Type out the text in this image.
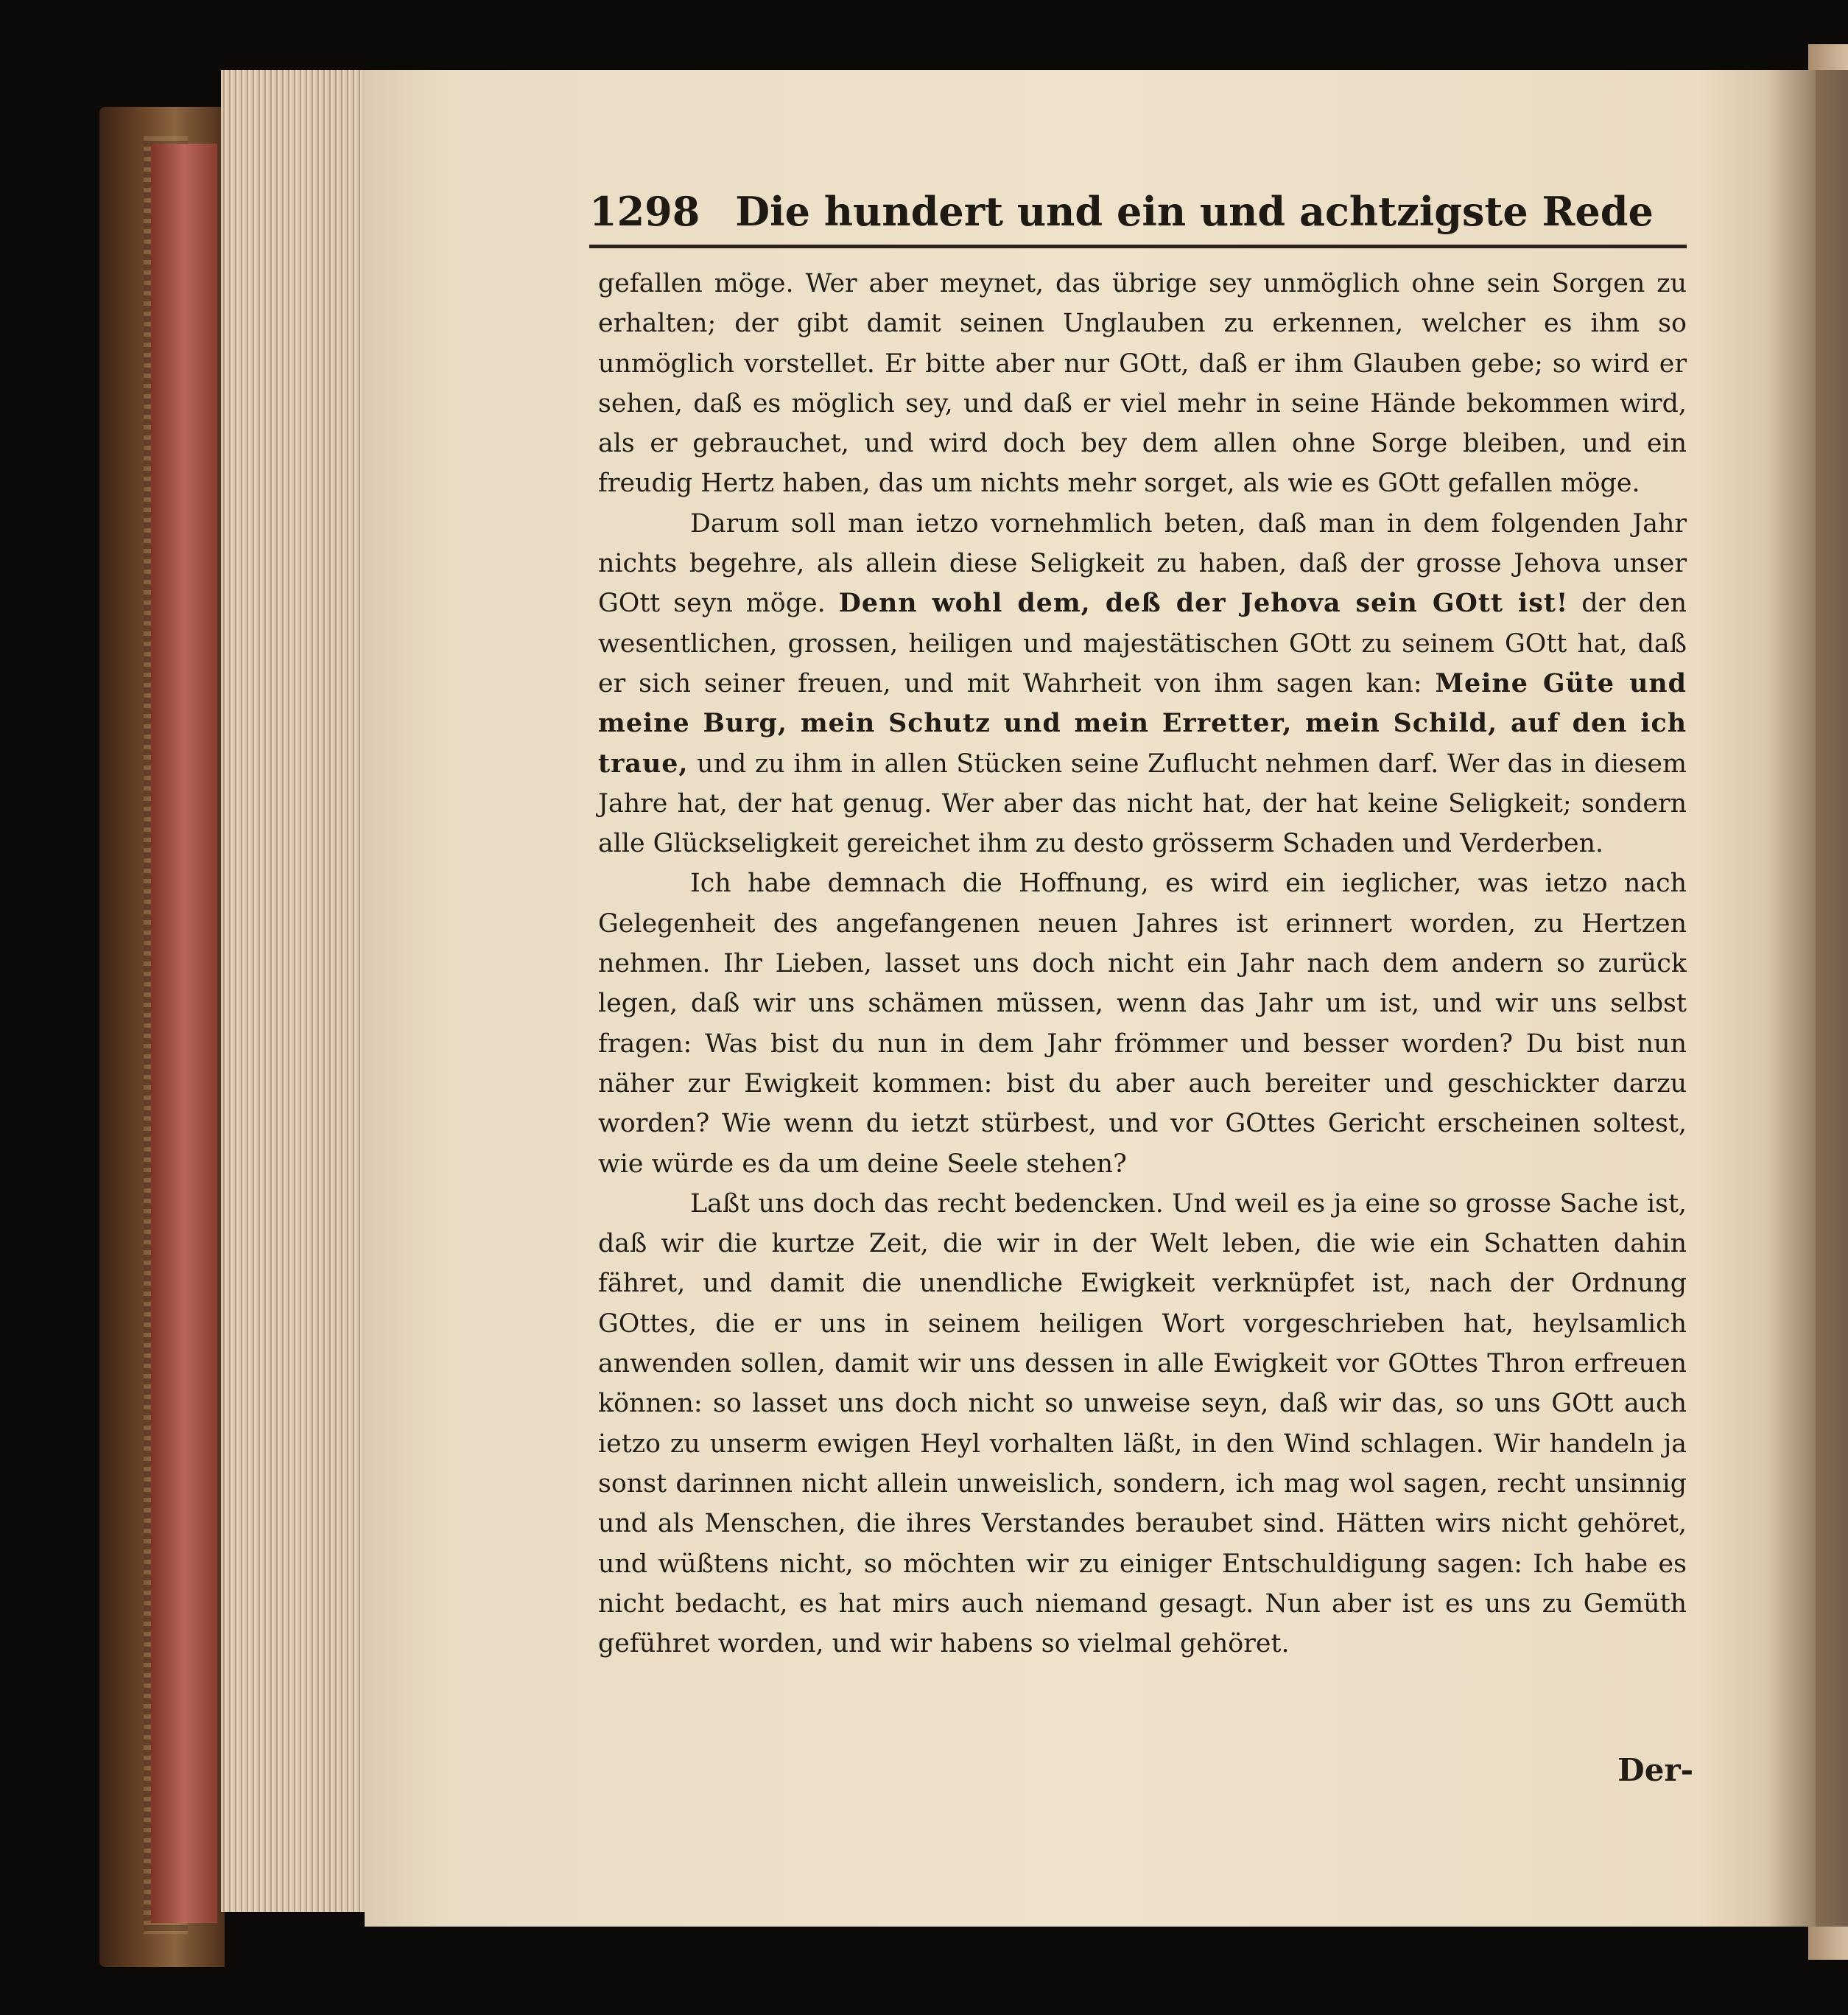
1298 Die hundert und ein und achtzigste Rede

gefallen möge. Wer aber meynet, das übrige sey unmöglich ohne sein Sorgen zu erhalten; der gibt damit seinen Unglauben zu erkennen, welcher es ihm so unmöglich vorstellet. Er bitte aber nur GOtt, daß er ihm Glauben gebe; so wird er sehen, daß es möglich sey, und daß er viel mehr in seine Hände bekommen wird, als er gebrauchet, und wird doch bey dem allen ohne Sorge bleiben, und ein freudig Hertz haben, das um nichts mehr sorget, als wie es GOtt gefallen möge.

Darum soll man ietzo vornehmlich beten, daß man in dem folgenden Jahr nichts begehre, als allein diese Seligkeit zu haben, daß der grosse Jehova unser GOtt seyn möge. Denn wohl dem, deß der Jehova sein GOtt ist! der den wesentlichen, grossen, heiligen und majestätischen GOtt zu seinem GOtt hat, daß er sich seiner freuen, und mit Wahrheit von ihm sagen kan: Meine Güte und meine Burg, mein Schutz und mein Erretter, mein Schild, auf den ich traue, und zu ihm in allen Stücken seine Zuflucht nehmen darf. Wer das in diesem Jahre hat, der hat genug. Wer aber das nicht hat, der hat keine Seligkeit; sondern alle Glückseligkeit gereichet ihm zu desto grösserm Schaden und Verderben.

Ich habe demnach die Hoffnung, es wird ein ieglicher, was ietzo nach Gelegenheit des angefangenen neuen Jahres ist erinnert worden, zu Hertzen nehmen. Ihr Lieben, lasset uns doch nicht ein Jahr nach dem andern so zurück legen, daß wir uns schämen müssen, wenn das Jahr um ist, und wir uns selbst fragen: Was bist du nun in dem Jahr frömmer und besser worden? Du bist nun näher zur Ewigkeit kommen: bist du aber auch bereiter und geschickter darzu worden? Wie wenn du ietzt stürbest, und vor GOttes Gericht erscheinen soltest, wie würde es da um deine Seele stehen?

Laßt uns doch das recht bedencken. Und weil es ja eine so grosse Sache ist, daß wir die kurtze Zeit, die wir in der Welt leben, die wie ein Schatten dahin fähret, und damit die unendliche Ewigkeit verknüpfet ist, nach der Ordnung GOttes, die er uns in seinem heiligen Wort vorgeschrieben hat, heylsamlich anwenden sollen, damit wir uns dessen in alle Ewigkeit vor GOttes Thron erfreuen können: so lasset uns doch nicht so unweise seyn, daß wir das, so uns GOtt auch ietzo zu unserm ewigen Heyl vorhalten läßt, in den Wind schlagen. Wir handeln ja sonst darinnen nicht allein unweislich, sondern, ich mag wol sagen, recht unsinnig und als Menschen, die ihres Verstandes beraubet sind. Hätten wirs nicht gehöret, und wüßtens nicht, so möchten wir zu einiger Entschuldigung sagen: Ich habe es nicht bedacht, es hat mirs auch niemand gesagt. Nun aber ist es uns zu Gemüth geführet worden, und wir habens so vielmal gehöret.

Der-
